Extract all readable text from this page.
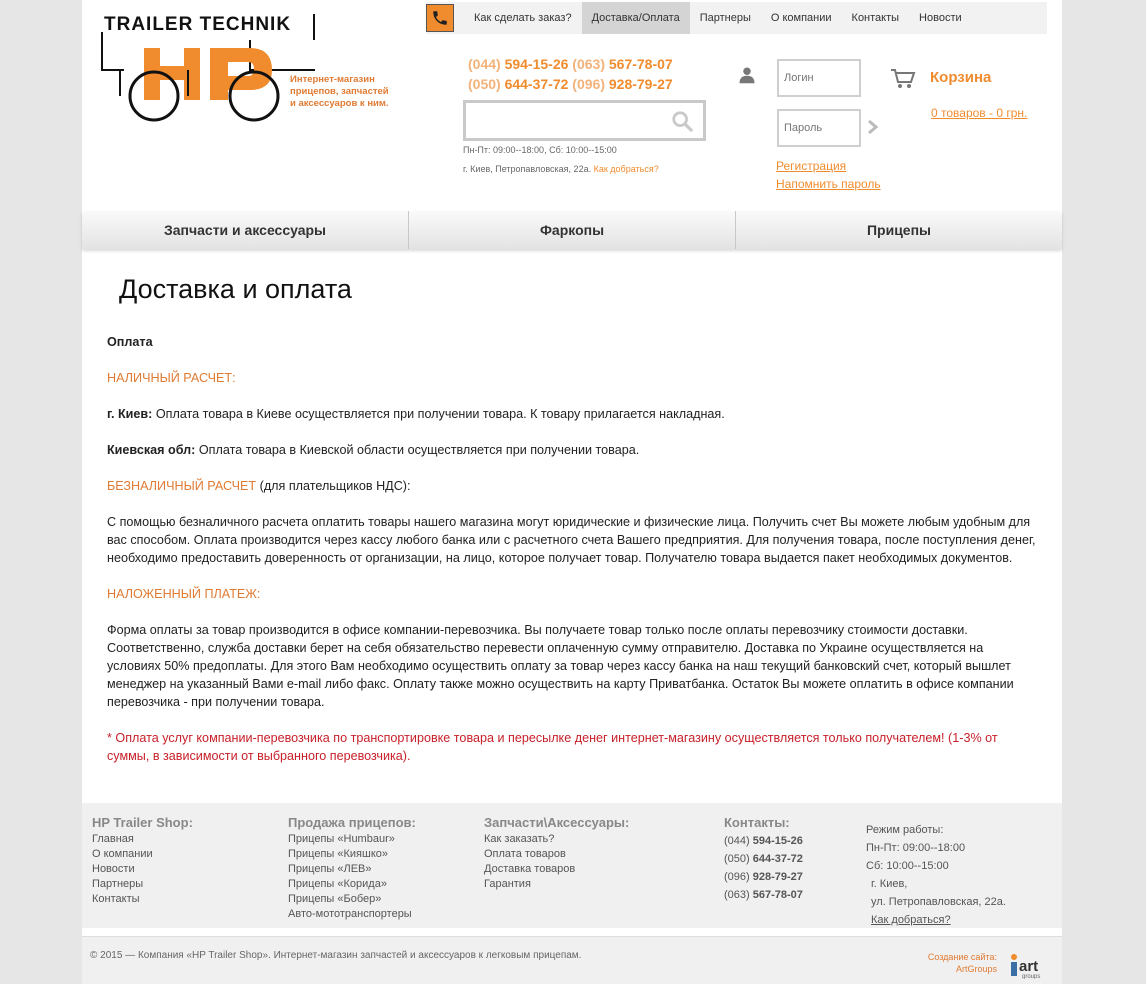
TRAILER TECHNIK
Интернет-магазин
прицепов, запчастей
и аксессуаров к ним.
Как сделать заказ?	Доставка/Оплата	Партнеры	О компании	Контакты	Новости
(044) 594-15-26 (063) 567-78-07
(050) 644-37-72 (096) 928-79-27
Пн-Пт: 09:00--18:00, Сб: 10:00--15:00
г. Киев, Петропавловская, 22а. Как добраться?
Логин	Регистрация
Напомнить пароль
Корзина
0 товаров - 0 грн.
Запчасти и аксессуары	Фаркопы	Прицепы
Доставка и оплата

Оплата

НАЛИЧНЫЙ РАСЧЕТ:

г. Киев: Оплата товара в Киеве осуществляется при получении товара. К товару прилагается накладная.

Киевская обл: Оплата товара в Киевской области осуществляется при получении товара.

БЕЗНАЛИЧНЫЙ РАСЧЕТ (для плательщиков НДС):

С помощью безналичного расчета оплатить товары нашего магазина могут юридические и физические лица. Получить счет Вы можете любым удобным для вас способом. Оплата производится через кассу любого банка или с расчетного счета Вашего предприятия. Для получения товара, после поступления денег, необходимо предоставить доверенность от организации, на лицо, которое получает товар. Получателю товара выдается пакет необходимых документов.

НАЛОЖЕННЫЙ ПЛАТЕЖ:

Форма оплаты за товар производится в офисе компании-перевозчика. Вы получаете товар только после оплаты перевозчику стоимости доставки. Соответственно, служба доставки берет на себя обязательство перевести оплаченную сумму отправителю. Доставка по Украине осуществляется на условиях 50% предоплаты. Для этого Вам необходимо осуществить оплату за товар через кассу банка на наш текущий банковский счет, который вышлет менеджер на указанный Вами e-mail либо факс. Оплату также можно осуществить на карту Приватбанка. Остаток Вы можете оплатить в офисе компании перевозчика - при получении товара.

* Оплата услуг компании-перевозчика по транспортировке товара и пересылке денег интернет-магазину осуществляется только получателем! (1-3% от суммы, в зависимости от выбранного перевозчика).

HP Trailer Shop:
Главная
О компании
Новости
Партнеры
Контакты
Продажа прицепов:
Прицепы «Humbaur»
Прицепы «Кияшко»
Прицепы «ЛЕВ»
Прицепы «Корида»
Прицепы «Бобер»
Авто-мототранспортеры
Запчасти\Аксессуары:
Как заказать?
Оплата товаров
Доставка товаров
Гарантия
Контакты:
(044) 594-15-26
(050) 644-37-72
(096) 928-79-27
(063) 567-78-07
Режим работы:
Пн-Пт: 09:00--18:00
Сб: 10:00--15:00
г. Киев,
ул. Петропавловская, 22а.
Как добраться?
© 2015 — Компания «HP Trailer Shop». Интернет-магазин запчастей и аксессуаров к легковым прицепам.	Создание сайта:
ArtGroups art
groups
